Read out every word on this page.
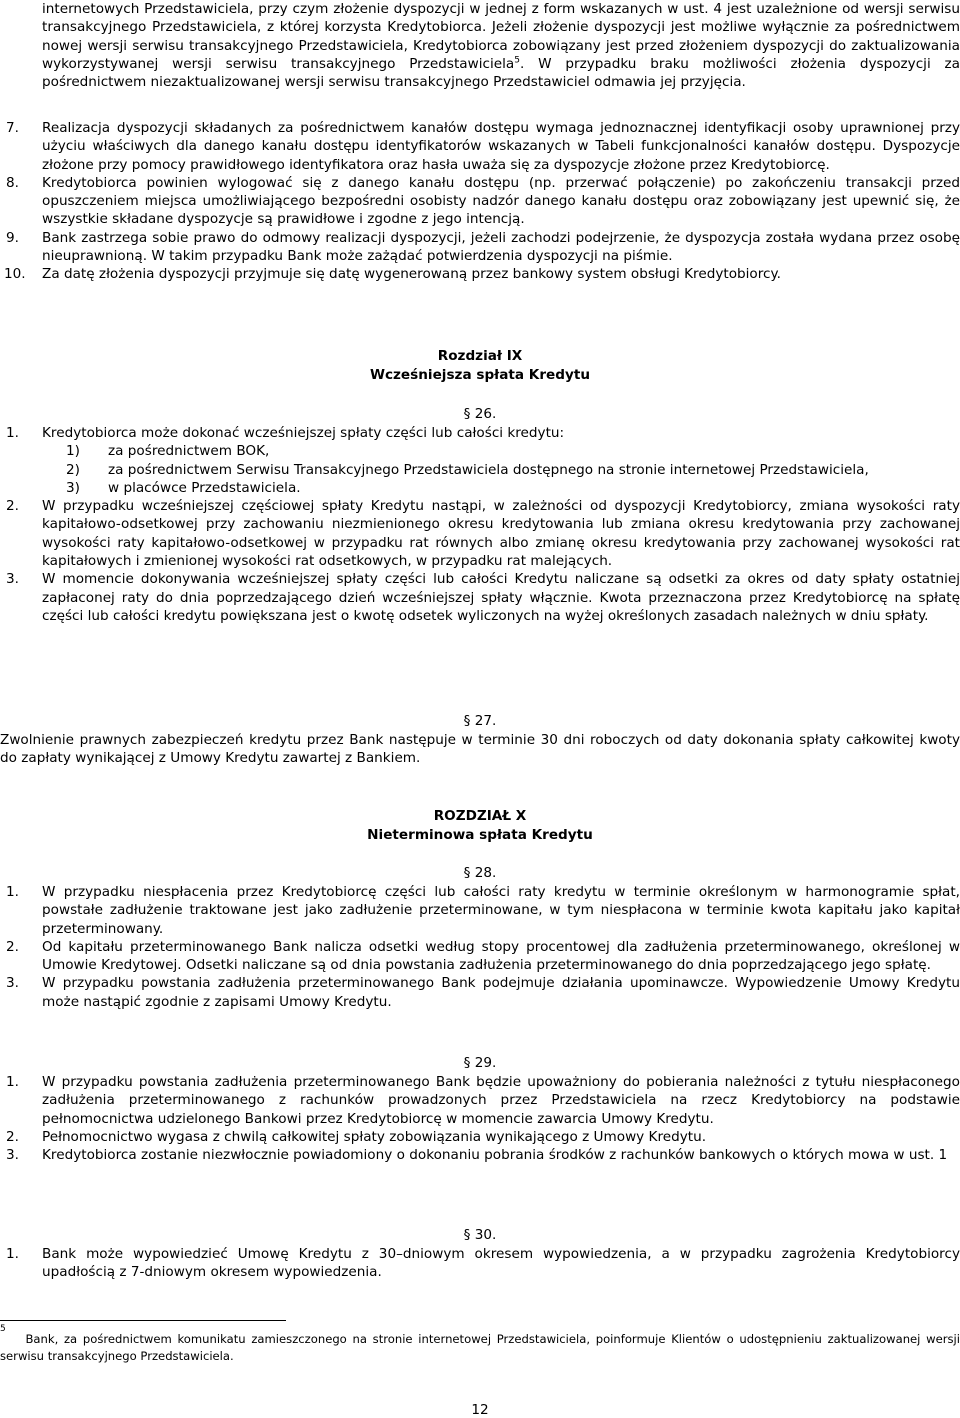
internetowych Przedstawiciela, przy czym złożenie dyspozycji w jednej z form wskazanych w ust. 4 jest uzależnione od wersji serwisu transakcyjnego Przedstawiciela, z której korzysta Kredytobiorca. Jeżeli złożenie dyspozycji jest możliwe wyłącznie za pośrednictwem nowej wersji serwisu transakcyjnego Przedstawiciela, Kredytobiorca zobowiązany jest przed złożeniem dyspozycji do zaktualizowania wykorzystywanej wersji serwisu transakcyjnego Przedstawiciela$^5$. W przypadku braku możliwości złożenia dyspozycji za pośrednictwem niezaktualizowanej wersji serwisu transakcyjnego Przedstawiciel odmawia jej przyjęcia.

7. Realizacja dyspozycji składanych za pośrednictwem kanałów dostępu wymaga jednoznacznej identyfikacji osoby uprawnionej przy użyciu właściwych dla danego kanału dostępu identyfikatorów wskazanych w Tabeli funkcjonalności kanałów dostępu. Dyspozycje złożone przy pomocy prawidłowego identyfikatora oraz hasła uważa się za dyspozycje złożone przez Kredytobiorcę.
8. Kredytobiorca powinien wylogować się z danego kanału dostępu (np. przerwać połączenie) po zakończeniu transakcji przed opuszczeniem miejsca umożliwiającego bezpośredni osobisty nadzór danego kanału dostępu oraz zobowiązany jest upewnić się, że wszystkie składane dyspozycje są prawidłowe i zgodne z jego intencją.
9. Bank zastrzega sobie prawo do odmowy realizacji dyspozycji, jeżeli zachodzi podejrzenie, że dyspozycja została wydana przez osobę nieuprawnioną. W takim przypadku Bank może zażądać potwierdzenia dyspozycji na piśmie.
10. Za datę złożenia dyspozycji przyjmuje się datę wygenerowaną przez bankowy system obsługi Kredytobiorcy.

Rozdział IX

Wcześniejsza spłata Kredytu

§ 26.

1. Kredytobiorca może dokonać wcześniejszej spłaty części lub całości kredytu:
1) za pośrednictwem BOK,
2) za pośrednictwem Serwisu Transakcyjnego Przedstawiciela dostępnego na stronie internetowej Przedstawiciela,
3) w placówce Przedstawiciela.
2. W przypadku wcześniejszej częściowej spłaty Kredytu nastąpi, w zależności od dyspozycji Kredytobiorcy, zmiana wysokości raty kapitałowo-odsetkowej przy zachowaniu niezmienionego okresu kredytowania lub zmiana okresu kredytowania przy zachowanej wysokości raty kapitałowo-odsetkowej w przypadku rat równych albo zmianę okresu kredytowania przy zachowanej wysokości rat kapitałowych i zmienionej wysokości rat odsetkowych, w przypadku rat malejących.
3. W momencie dokonywania wcześniejszej spłaty części lub całości Kredytu naliczane są odsetki za okres od daty spłaty ostatniej zapłaconej raty do dnia poprzedzającego dzień wcześniejszej spłaty włącznie. Kwota przeznaczona przez Kredytobiorcę na spłatę części lub całości kredytu powiększana jest o kwotę odsetek wyliczonych na wyżej określonych zasadach należnych w dniu spłaty.

§ 27.

Zwolnienie prawnych zabezpieczeń kredytu przez Bank następuje w terminie 30 dni roboczych od daty dokonania spłaty całkowitej kwoty do zapłaty wynikającej z Umowy Kredytu zawartej z Bankiem.

ROZDZIAŁ X

Nieterminowa spłata Kredytu

§ 28.

1. W przypadku niespłacenia przez Kredytobiorcę części lub całości raty kredytu w terminie określonym w harmonogramie spłat, powstałe zadłużenie traktowane jest jako zadłużenie przeterminowane, w tym niespłacona w terminie kwota kapitału jako kapitał przeterminowany.
2. Od kapitału przeterminowanego Bank nalicza odsetki według stopy procentowej dla zadłużenia przeterminowanego, określonej w Umowie Kredytowej. Odsetki naliczane są od dnia powstania zadłużenia przeterminowanego do dnia poprzedzającego jego spłatę.
3. W przypadku powstania zadłużenia przeterminowanego Bank podejmuje działania upominawcze. Wypowiedzenie Umowy Kredytu może nastąpić zgodnie z zapisami Umowy Kredytu.

§ 29.

1. W przypadku powstania zadłużenia przeterminowanego Bank będzie upoważniony do pobierania należności z tytułu niespłaconego zadłużenia przeterminowanego z rachunków prowadzonych przez Przedstawiciela na rzecz Kredytobiorcy na podstawie pełnomocnictwa udzielonego Bankowi przez Kredytobiorcę w momencie zawarcia Umowy Kredytu.
2. Pełnomocnictwo wygasa z chwilą całkowitej spłaty zobowiązania wynikającego z Umowy Kredytu.
3. Kredytobiorca zostanie niezwłocznie powiadomiony o dokonaniu pobrania środków z rachunków bankowych o których mowa w ust. 1

§ 30.

1. Bank może wypowiedzieć Umowę Kredytu z 30–dniowym okresem wypowiedzenia, a w przypadku zagrożenia Kredytobiorcy upadłością z 7-dniowym okresem wypowiedzenia.
$^5$ Bank, za pośrednictwem komunikatu zamieszczonego na stronie internetowej Przedstawiciela, poinformuje Klientów o udostępnieniu zaktualizowanej wersji serwisu transakcyjnego Przedstawiciela.
12
